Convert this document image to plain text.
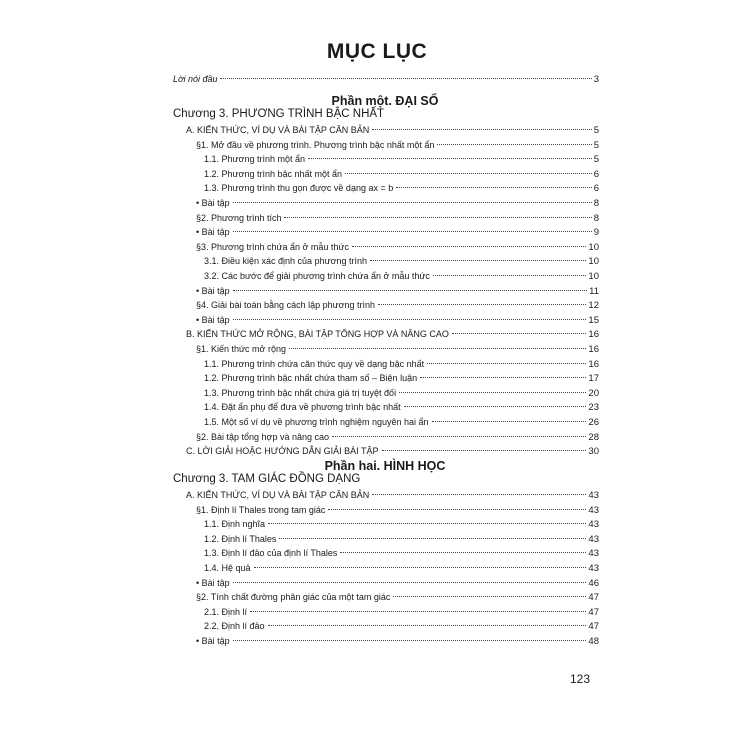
MỤC LỤC
Lời nói đầu	3
Phần một. ĐẠI SỐ
Chương 3. PHƯƠNG TRÌNH BẬC NHẤT
A. KIẾN THỨC, VÍ DỤ VÀ BÀI TẬP CĂN BẢN	5
§1. Mở đầu về phương trình. Phương trình bậc nhất một ẩn	5
1.1. Phương trình một ẩn	5
1.2. Phương trình bậc nhất một ẩn	6
1.3. Phương trình thu gọn được về dạng ax = b	6
• Bài tập	8
§2. Phương trình tích	8
• Bài tập	9
§3. Phương trình chứa ẩn ở mẫu thức	10
3.1. Điều kiện xác định của phương trình	10
3.2. Các bước để giải phương trình chứa ẩn ở mẫu thức	10
• Bài tập	11
§4. Giải bài toán bằng cách lập phương trình	12
• Bài tập	15
B. KIẾN THỨC MỞ RỘNG, BÀI TẬP TỔNG HỢP VÀ NÂNG CAO	16
§1. Kiến thức mở rộng	16
1.1. Phương trình chứa căn thức quy về dạng bậc nhất	16
1.2. Phương trình bậc nhất chứa tham số – Biện luận	17
1.3. Phương trình bậc nhất chứa giá trị tuyệt đối	20
1.4. Đặt ẩn phụ để đưa về phương trình bậc nhất	23
1.5. Một số ví dụ về phương trình nghiệm nguyên hai ẩn	26
§2. Bài tập tổng hợp và nâng cao	28
C. LỜI GIẢI HOẶC HƯỚNG DẪN GIẢI BÀI TẬP	30
Phần hai. HÌNH HỌC
Chương 3. TAM GIÁC ĐỒNG DẠNG
A. KIẾN THỨC, VÍ DỤ VÀ BÀI TẬP CĂN BẢN	43
§1. Định lí Thales trong tam giác	43
1.1. Định nghĩa	43
1.2. Định lí Thales	43
1.3. Định lí đảo của định lí Thales	43
1.4. Hệ quả	43
• Bài tập	46
§2. Tính chất đường phân giác của một tam giác	47
2.1. Định lí	47
2.2. Định lí đảo	47
• Bài tập	48
123
